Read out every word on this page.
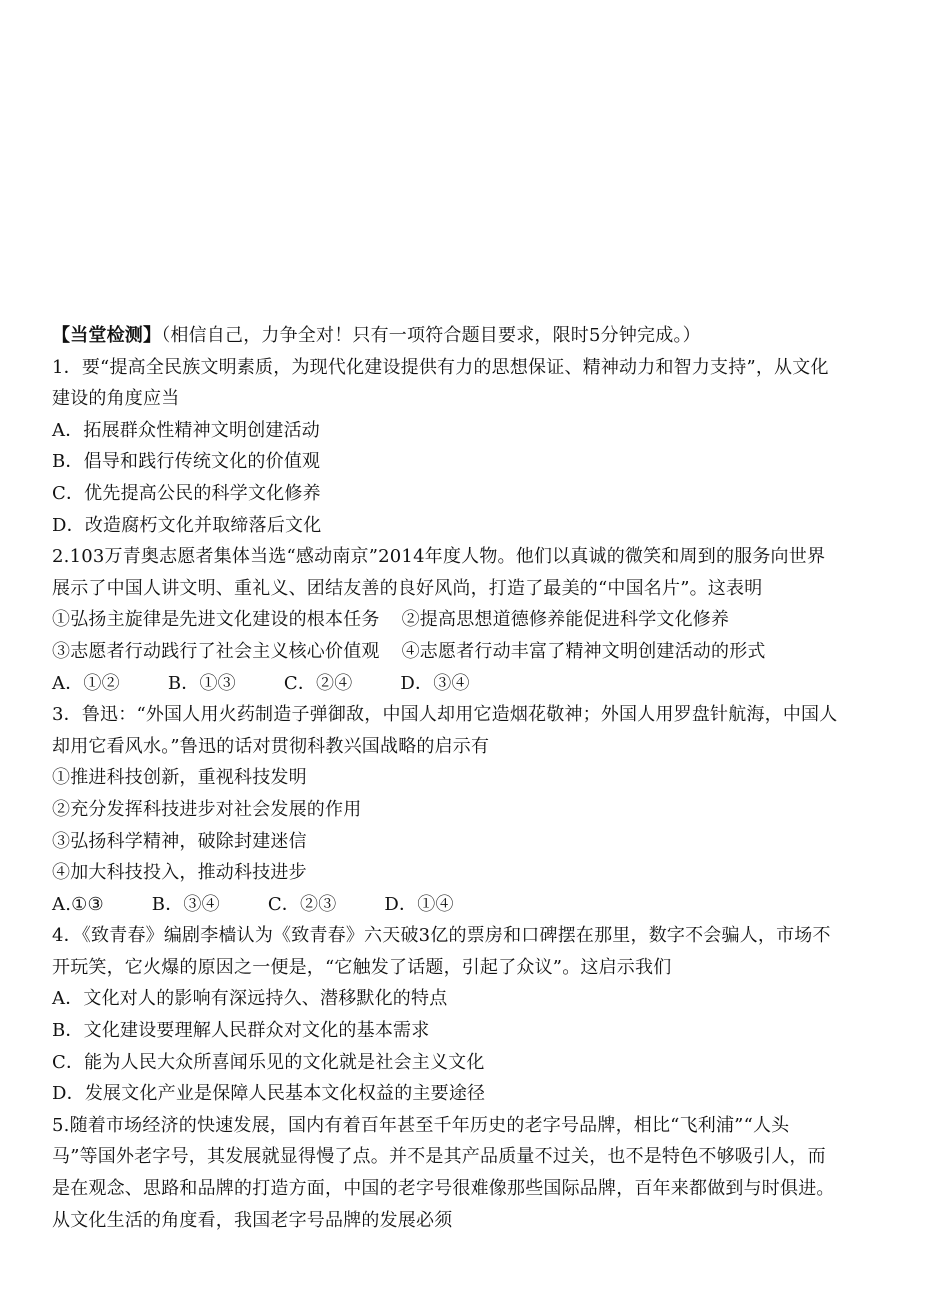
【当堂检测】（相信自己，力争全对！只有一项符合题目要求，限时5分钟完成。）
1．要“提高全民族文明素质，为现代化建设提供有力的思想保证、精神动力和智力支持”，从文化
建设的角度应当
A．拓展群众性精神文明创建活动
B．倡导和践行传统文化的价值观
C．优先提高公民的科学文化修养
D．改造腐朽文化并取缔落后文化
2.103万青奥志愿者集体当选“感动南京”2014年度人物。他们以真诚的微笑和周到的服务向世界
展示了中国人讲文明、重礼义、团结友善的良好风尚，打造了最美的“中国名片”。这表明
①弘扬主旋律是先进文化建设的根本任务 ②提高思想道德修养能促进科学文化修养
③志愿者行动践行了社会主义核心价值观 ④志愿者行动丰富了精神文明创建活动的形式
A．①②	B．①③	C．②④	D．③④
3．鲁迅：“外国人用火药制造子弹御敌，中国人却用它造烟花敬神；外国人用罗盘针航海，中国人
却用它看风水。”鲁迅的话对贯彻科教兴国战略的启示有
①推进科技创新，重视科技发明
②充分发挥科技进步对社会发展的作用
③弘扬科学精神，破除封建迷信
④加大科技投入，推动科技进步
A.①③	B．③④	C．②③	D．①④
4．《致青春》编剧李樯认为《致青春》六天破3亿的票房和口碑摆在那里，数字不会骗人，市场不
开玩笑，它火爆的原因之一便是，“它触发了话题，引起了众议”。这启示我们
A．文化对人的影响有深远持久、潜移默化的特点
B．文化建设要理解人民群众对文化的基本需求
C．能为人民大众所喜闻乐见的文化就是社会主义文化
D．发展文化产业是保障人民基本文化权益的主要途径
5.随着市场经济的快速发展，国内有着百年甚至千年历史的老字号品牌，相比“飞利浦”“人头
马”等国外老字号，其发展就显得慢了点。并不是其产品质量不过关，也不是特色不够吸引人，而
是在观念、思路和品牌的打造方面，中国的老字号很难像那些国际品牌，百年来都做到与时俱进。
从文化生活的角度看，我国老字号品牌的发展必须
